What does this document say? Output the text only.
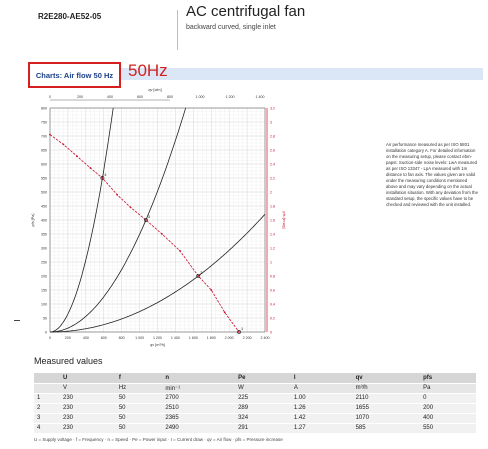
R2E280-AE52-05	AC centrifugal fan
backward curved, single inlet
Charts: Air flow 50 Hz 50Hz
0	200	400	600	800	1 000 1 200 1 400 1 600 1 800 2 000 2 200 2 400
0	200	400	600	800	1 000	1 200	1 400
0
50
100
150
200
250
300
350
400
450
500
550
600
650
700
750
800
0
0.2
0.4
0.6
0.8
1
1.2
1.4
1.6
1.8
2
2.2
2.4
2.6
2.8
3
3.2
qv [m³/h]
qv [cfm]
pfs [Pa]	pfs [in wg]
1
2
3
4
Air performance measured as per ISO 5801 installation category A. For detailed information on the measuring setup, please contact ebm-papst. Suction-side noise levels: LwA measured as per ISO 13347 - LpA measured with 1m distance to fan axis. The values given are valid under the measuring conditions mentioned above and may vary depending on the actual installation situation. With any deviation from the standard setup, the specific values have to be checked and reviewed with the unit installed.
Measured values
	U	f	n	Pe	I	qv	pfs
	V	Hz	min⁻¹	W	A	m³/h	Pa
1	230	50	2700	225	1.00	2110	0
2	230	50	2510	289	1.26	1655	200
3	230	50	2365	324	1.42	1070	400
4	230	50	2490	291	1.27	585	550
U = Supply voltage · f = Frequency · n = Speed · Pe = Power input · I = Current draw · qv = Air flow · pfs = Pressure increase
